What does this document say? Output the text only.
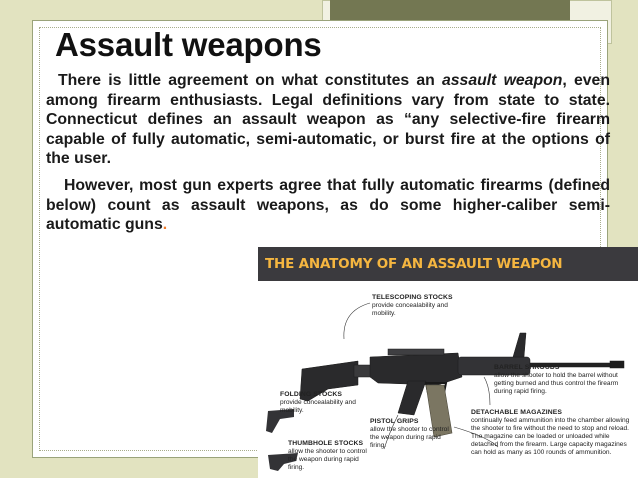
Assault weapons

There is little agreement on what constitutes an assault weapon, even among firearm enthusiasts. Legal definitions vary from state to state. Connecticut defines an assault weapon as “any selective-fire firearm capable of fully automatic, semi-automatic, or burst fire at the options of the user.

However, most gun experts agree that fully automatic firearms (defined below) count as assault weapons, as do some higher-caliber semi-automatic guns.

THE ANATOMY OF AN ASSAULT WEAPON
TELESCOPING STOCKS
provide concealability and mobility.
BARREL SHROUDS
allow the shooter to hold the barrel without getting burned and thus control the firearm during rapid firing.
FOLDING STOCKS
provide concealability and mobility.
PISTOL GRIPS
allow the shooter to control the weapon during rapid firing.
DETACHABLE MAGAZINES
continually feed ammunition into the chamber allowing the shooter to fire without the need to stop and reload. The magazine can be loaded or unloaded while detached from the firearm. Large capacity magazines can hold as many as 100 rounds of ammunition.
THUMBHOLE STOCKS
allow the shooter to control the weapon during rapid firing.
